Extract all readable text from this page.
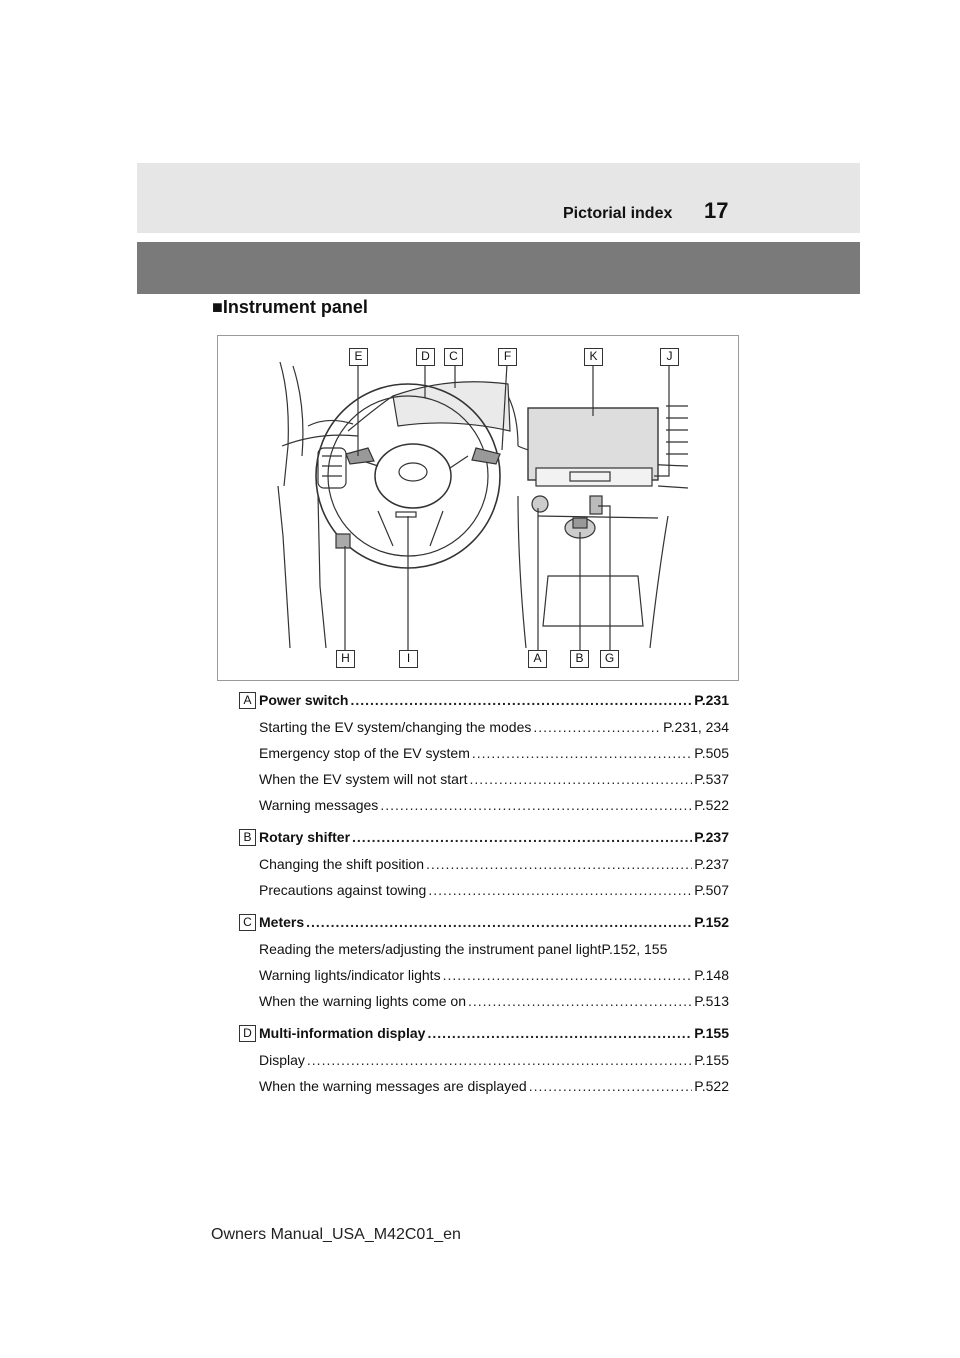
Pictorial index 17
■Instrument panel
E	D	C	F	K	J
H	I	A	B	G
A Power switch .....	P.231
Starting the EV system/changing the modes .....	P.231, 234
Emergency stop of the EV system .....	P.505
When the EV system will not start .....	P.537
Warning messages .....	P.522
B Rotary shifter .....	P.237
Changing the shift position .....	P.237
Precautions against towing .....	P.507
C Meters .....	P.152
Reading the meters/adjusting the instrument panel light P.152, 155
Warning lights/indicator lights .....	P.148
When the warning lights come on .....	P.513
D Multi-information display .....	P.155
Display .....	P.155
When the warning messages are displayed .....	P.522
Owners Manual_USA_M42C01_en
